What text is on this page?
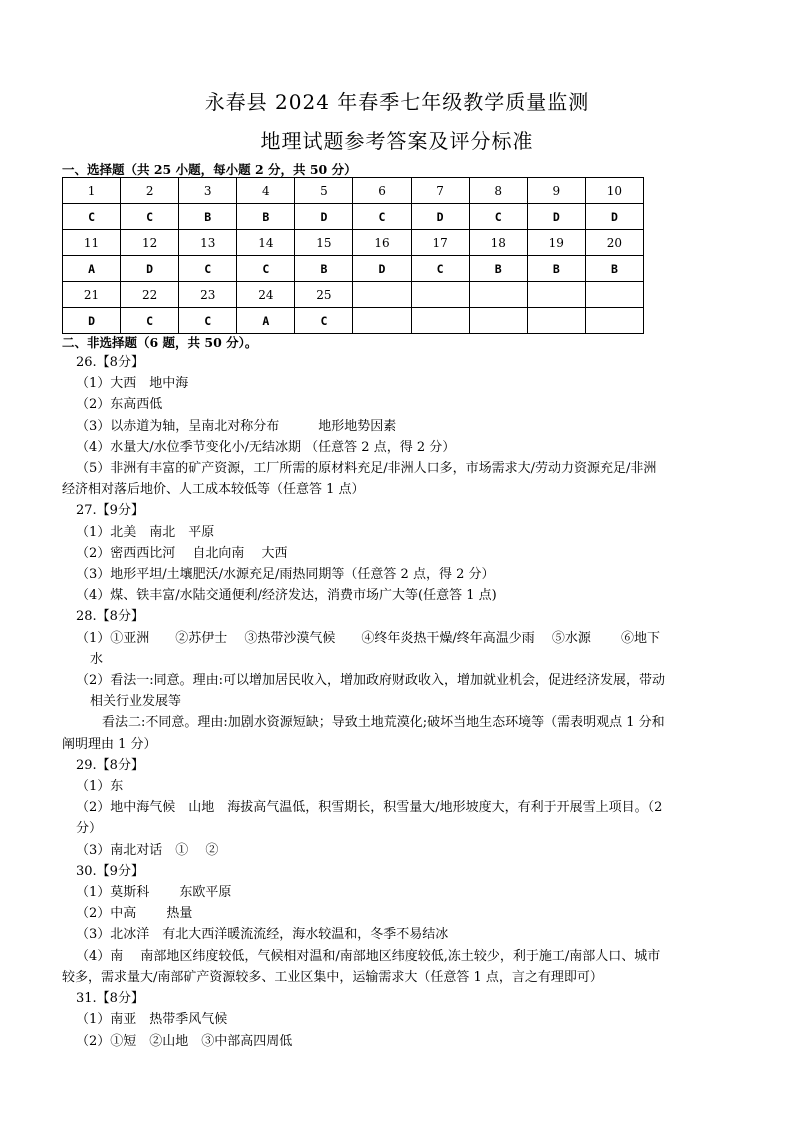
永春县 2024 年春季七年级教学质量监测
地理试题参考答案及评分标准
一、选择题（共 25 小题，每小题 2 分，共 50 分）
1	2	3	4	5	6	7	8	9	10
C	C	B	B	D	C	D	C	D	D
11	12	13	14	15	16	17	18	19	20
A	D	C	C	B	D	C	B	B	B
21	22	23	24	25					
D	C	C	A	C					
二、非选择题（6 题，共 50 分）。
26.【8分】
（1）大西　地中海
（2）东高西低
（3）以赤道为轴，呈南北对称分布　　　地形地势因素
（4）水量大/水位季节变化小/无结冰期 （任意答 2 点，得 2 分）
（5）非洲有丰富的矿产资源，工厂所需的原材料充足/非洲人口多，市场需求大/劳动力资源充足/非洲
经济相对落后地价、人工成本较低等（任意答 1 点）
27.【9分】
（1）北美　南北　平原
（2）密西西比河　 自北向南　 大西
（3）地形平坦/土壤肥沃/水源充足/雨热同期等（任意答 2 点，得 2 分）
（4）煤、铁丰富/水陆交通便利/经济发达，消费市场广大等(任意答 1 点)
28.【8分】
（1）①亚洲　　②苏伊士　 ③热带沙漠气候　　④终年炎热干燥/终年高温少雨　 ⑤水源　　 ⑥地下
水
（2）看法一:同意。理由:可以增加居民收入，增加政府财政收入，增加就业机会，促进经济发展，带动
相关行业发展等
看法二:不同意。理由:加剧水资源短缺；导致土地荒漠化;破坏当地生态环境等（需表明观点 1 分和
阐明理由 1 分）
29.【8分】
（1）东
（2）地中海气候　山地　海拔高气温低，积雪期长，积雪量大/地形坡度大，有利于开展雪上项目。（2
分）
（3）南北对话　①　 ②
30.【9分】
（1）莫斯科　　 东欧平原
（2）中高　　 热量
（3）北冰洋　有北大西洋暖流流经，海水较温和，冬季不易结冰
（4）南　 南部地区纬度较低，气候相对温和/南部地区纬度较低,冻土较少，利于施工/南部人口、城市
较多，需求量大/南部矿产资源较多、工业区集中，运输需求大（任意答 1 点，言之有理即可）
31.【8分】
（1）南亚　热带季风气候
（2）①短　②山地　③中部高四周低
